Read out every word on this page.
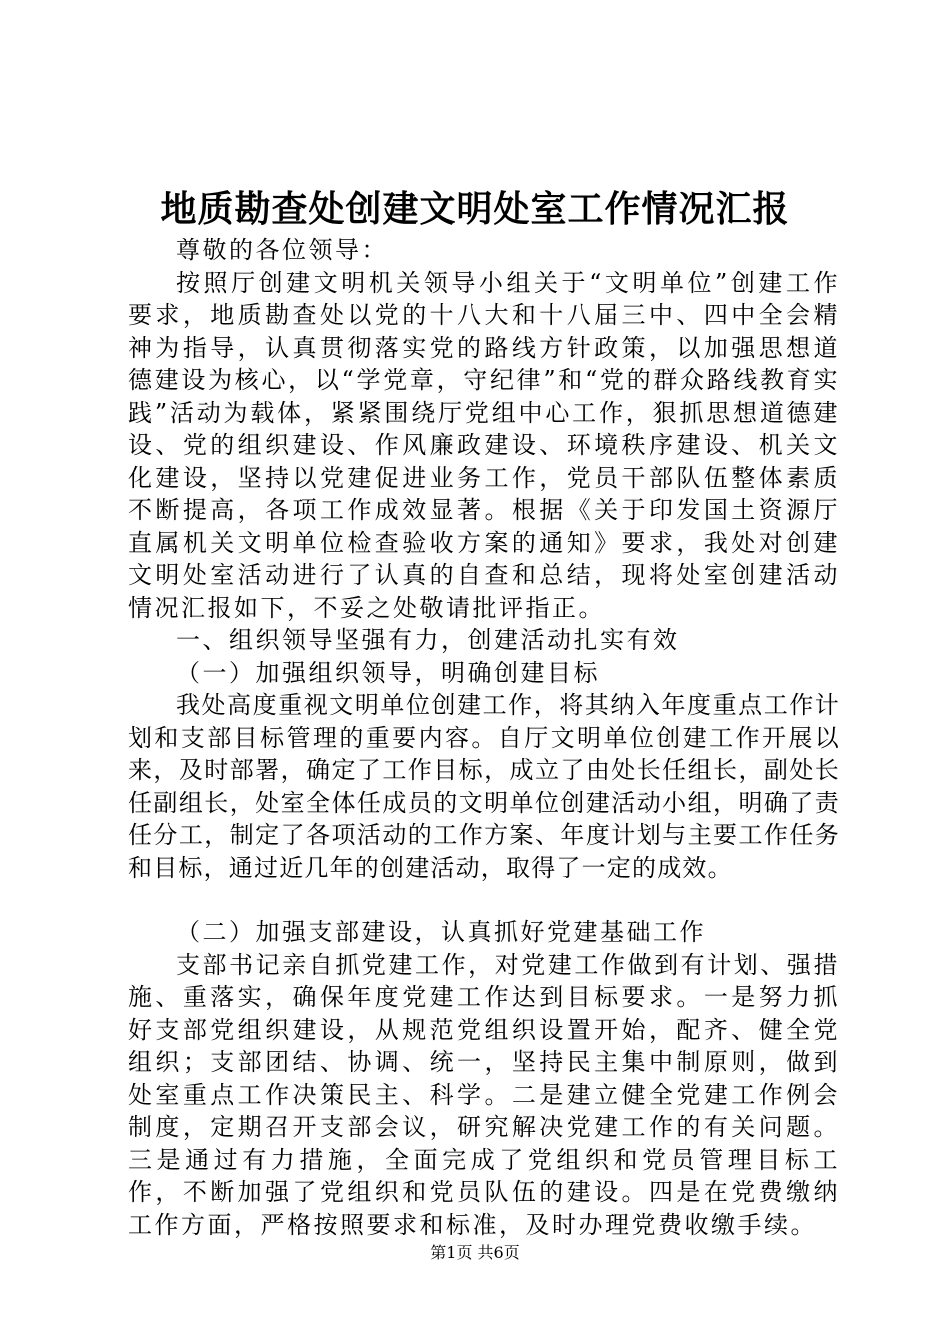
地质勘查处创建文明处室工作情况汇报

尊敬的各位领导：

按照厅创建文明机关领导小组关于“文明单位”创建工作要求，地质勘查处以党的十八大和十八届三中、四中全会精神为指导，认真贯彻落实党的路线方针政策，以加强思想道德建设为核心，以“学党章，守纪律”和“党的群众路线教育实践”活动为载体，紧紧围绕厅党组中心工作，狠抓思想道德建设、党的组织建设、作风廉政建设、环境秩序建设、机关文化建设，坚持以党建促进业务工作，党员干部队伍整体素质不断提高，各项工作成效显著。根据《关于印发国土资源厅直属机关文明单位检查验收方案的通知》要求，我处对创建文明处室活动进行了认真的自查和总结，现将处室创建活动情况汇报如下，不妥之处敬请批评指正。

一、组织领导坚强有力，创建活动扎实有效

（一）加强组织领导，明确创建目标

我处高度重视文明单位创建工作，将其纳入年度重点工作计划和支部目标管理的重要内容。自厅文明单位创建工作开展以来，及时部署，确定了工作目标，成立了由处长任组长，副处长任副组长，处室全体任成员的文明单位创建活动小组，明确了责任分工，制定了各项活动的工作方案、年度计划与主要工作任务和目标，通过近几年的创建活动，取得了一定的成效。

（二）加强支部建设，认真抓好党建基础工作

支部书记亲自抓党建工作，对党建工作做到有计划、强措施、重落实，确保年度党建工作达到目标要求。一是努力抓好支部党组织建设，从规范党组织设置开始，配齐、健全党组织；支部团结、协调、统一，坚持民主集中制原则，做到处室重点工作决策民主、科学。二是建立健全党建工作例会制度，定期召开支部会议，研究解决党建工作的有关问题。三是通过有力措施，全面完成了党组织和党员管理目标工作，不断加强了党组织和党员队伍的建设。四是在党费缴纳工作方面，严格按照要求和标准，及时办理党费收缴手续。

第1页 共6页
